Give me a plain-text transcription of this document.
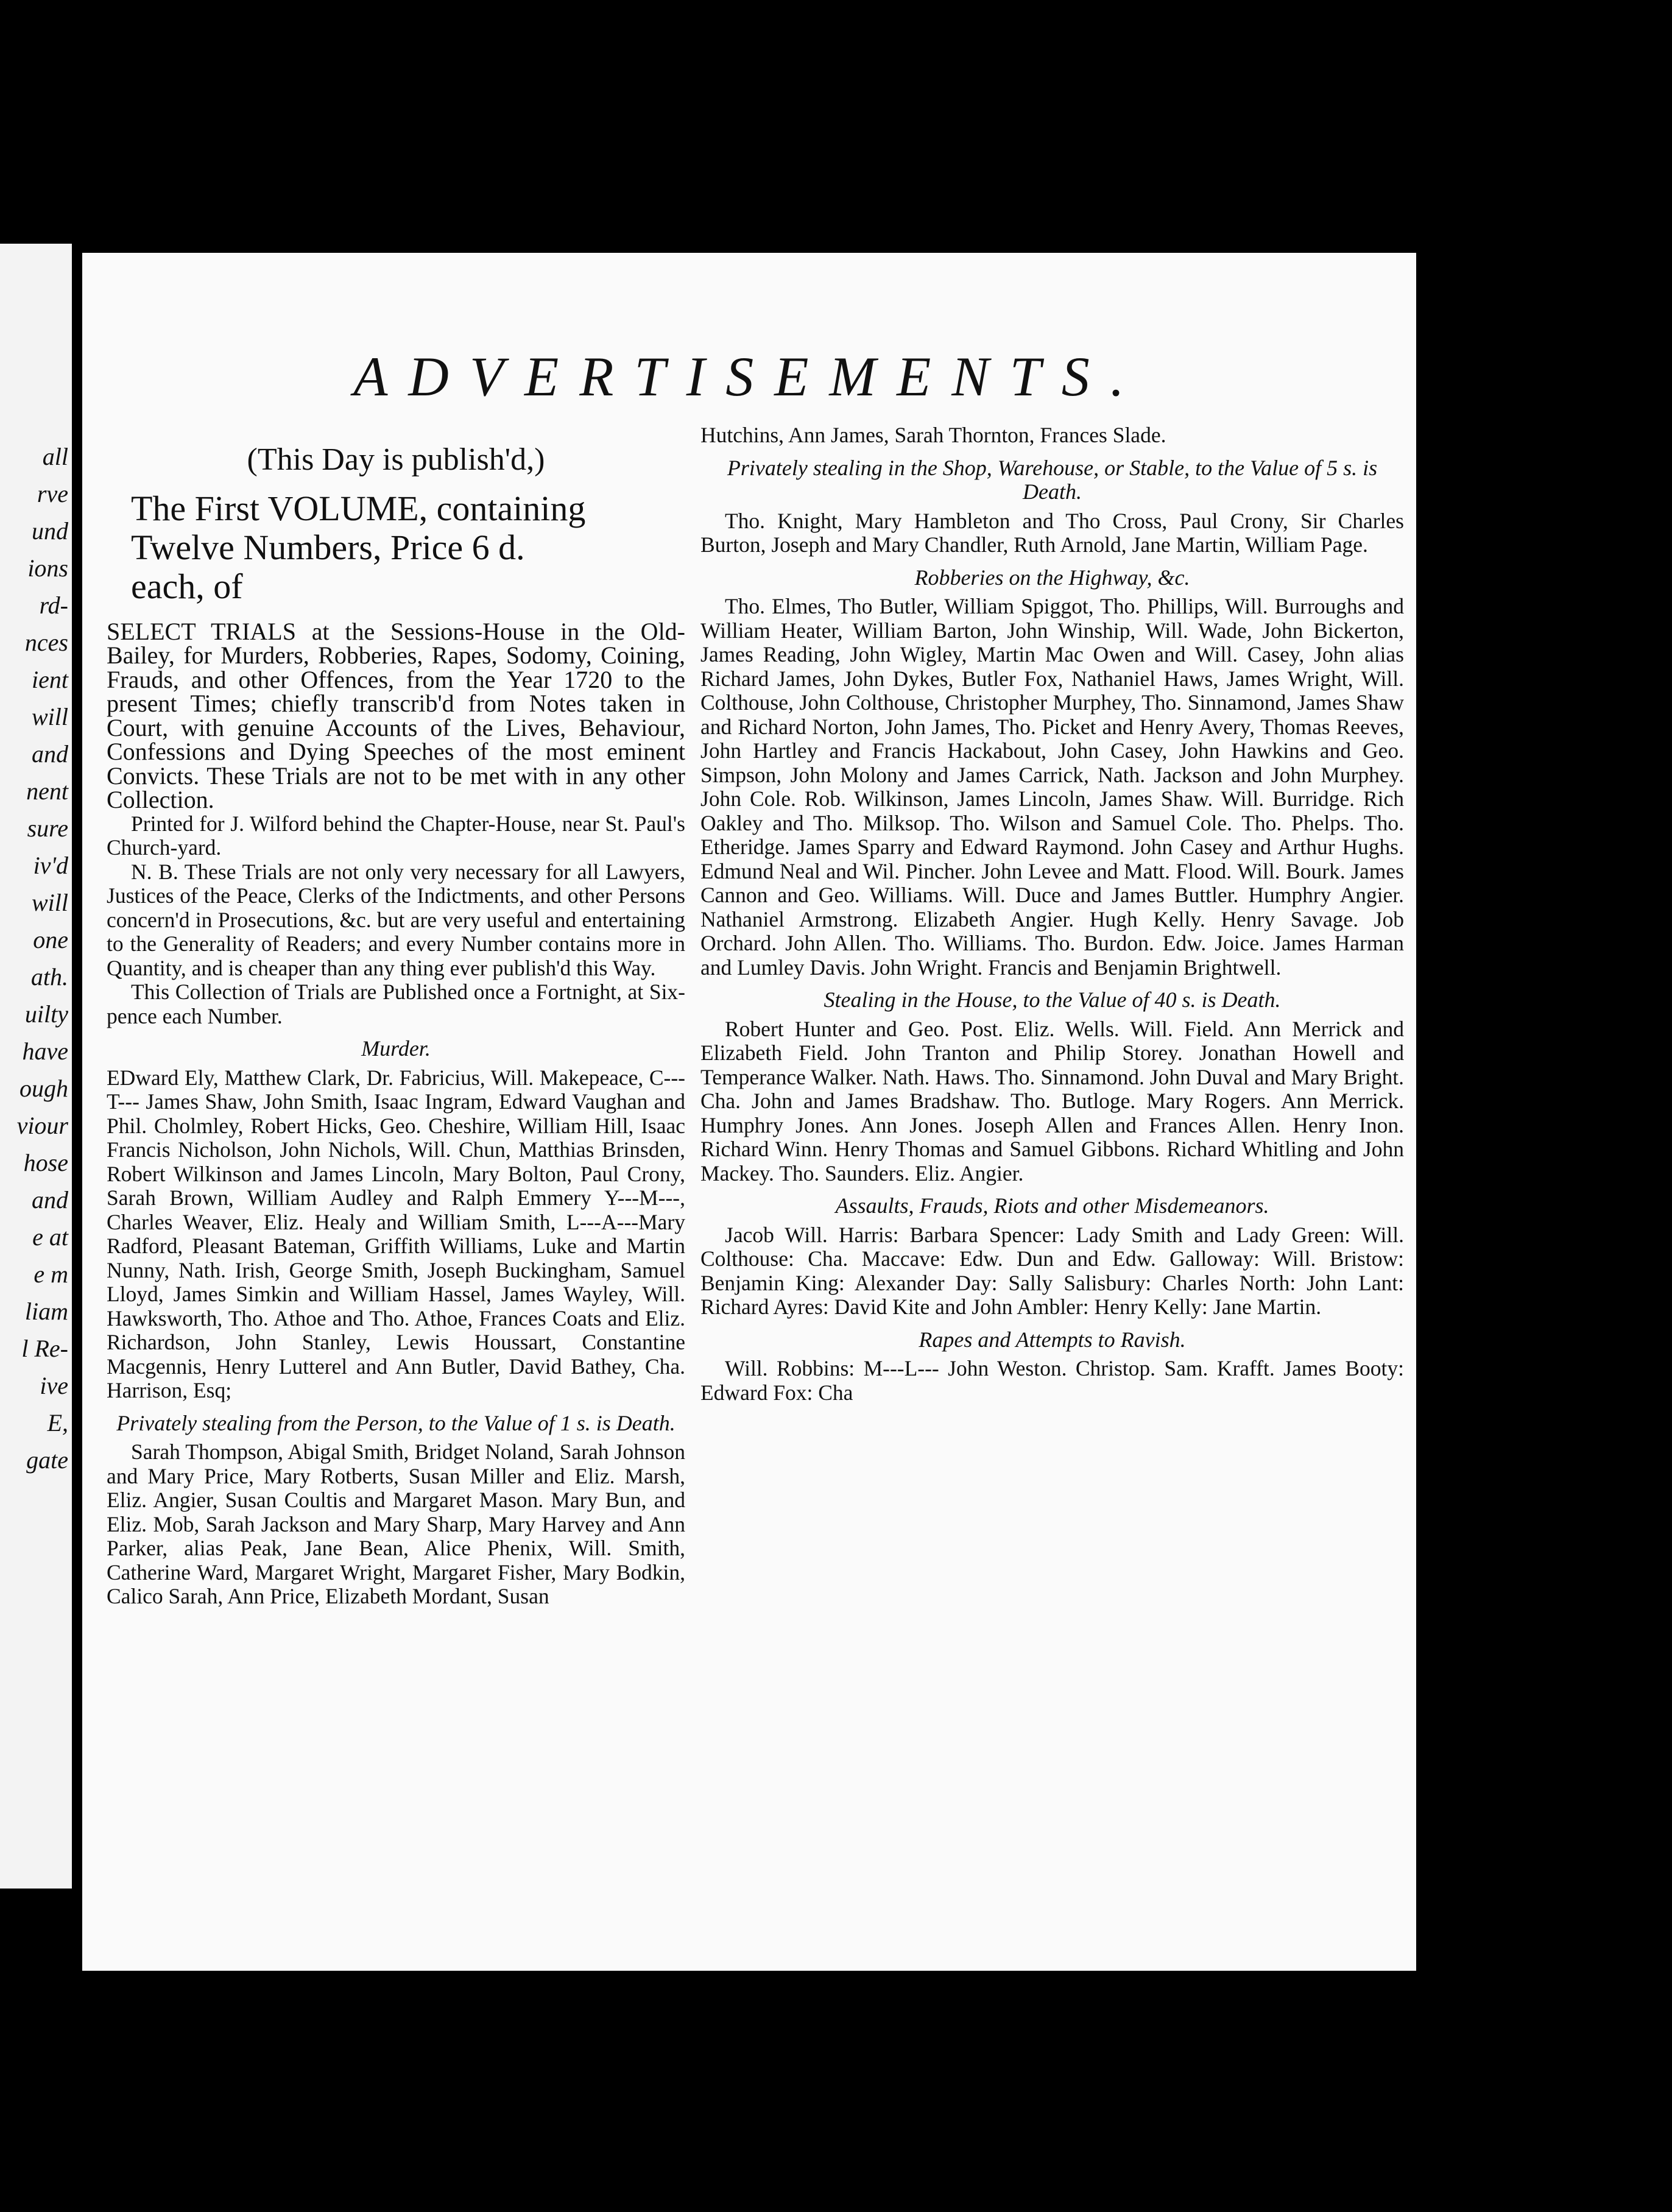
all
rve
und
ions
rd-
nces
ient
will
and
nent
sure
iv'd
will
one
ath.
uilty
have
ough
viour
hose
and
e at
e m
liam
l Re-
ive
E,
gate
ADVERTISEMENTS.

(This Day is publish'd,)

The First VOLUME, containing
Twelve Numbers, Price 6 d.
each, of

SELECT TRIALS at the Sessions-House in the Old-Bailey, for Murders, Robberies, Rapes, Sodomy, Coining, Frauds, and other Offences, from the Year 1720 to the present Times; chiefly transcrib'd from Notes taken in Court, with genuine Accounts of the Lives, Behaviour, Confessions and Dying Speeches of the most eminent Convicts. These Trials are not to be met with in any other Collection.

Printed for J. Wilford behind the Chapter-House, near St. Paul's Church-yard.

N. B. These Trials are not only very necessary for all Lawyers, Justices of the Peace, Clerks of the Indictments, and other Persons concern'd in Prosecutions, &c. but are very useful and entertaining to the Generality of Readers; and every Number contains more in Quantity, and is cheaper than any thing ever publish'd this Way.

This Collection of Trials are Published once a Fortnight, at Six-pence each Number.

Murder.

EDward Ely, Matthew Clark, Dr. Fabricius, Will. Makepeace, C---T--- James Shaw, John Smith, Isaac Ingram, Edward Vaughan and Phil. Cholmley, Robert Hicks, Geo. Cheshire, William Hill, Isaac Francis Nicholson, John Nichols, Will. Chun, Matthias Brinsden, Robert Wilkinson and James Lincoln, Mary Bolton, Paul Crony, Sarah Brown, William Audley and Ralph Emmery Y---M---, Charles Weaver, Eliz. Healy and William Smith, L---A---Mary Radford, Pleasant Bateman, Griffith Williams, Luke and Martin Nunny, Nath. Irish, George Smith, Joseph Buckingham, Samuel Lloyd, James Simkin and William Hassel, James Wayley, Will. Hawksworth, Tho. Athoe and Tho. Athoe, Frances Coats and Eliz. Richardson, John Stanley, Lewis Houssart, Constantine Macgennis, Henry Lutterel and Ann Butler, David Bathey, Cha. Harrison, Esq;

Privately stealing from the Person, to the Value of 1 s. is Death.

Sarah Thompson, Abigal Smith, Bridget Noland, Sarah Johnson and Mary Price, Mary Rotberts, Susan Miller and Eliz. Marsh, Eliz. Angier, Susan Coultis and Margaret Mason. Mary Bun, and Eliz. Mob, Sarah Jackson and Mary Sharp, Mary Harvey and Ann Parker, alias Peak, Jane Bean, Alice Phenix, Will. Smith, Catherine Ward, Margaret Wright, Margaret Fisher, Mary Bodkin, Calico Sarah, Ann Price, Elizabeth Mordant, Susan

Hutchins, Ann James, Sarah Thornton, Frances Slade.

Privately stealing in the Shop, Warehouse, or Stable, to the Value of 5 s. is Death.

Tho. Knight, Mary Hambleton and Tho Cross, Paul Crony, Sir Charles Burton, Joseph and Mary Chandler, Ruth Arnold, Jane Martin, William Page.

Robberies on the Highway, &c.

Tho. Elmes, Tho Butler, William Spiggot, Tho. Phillips, Will. Burroughs and William Heater, William Barton, John Winship, Will. Wade, John Bickerton, James Reading, John Wigley, Martin Mac Owen and Will. Casey, John alias Richard James, John Dykes, Butler Fox, Nathaniel Haws, James Wright, Will. Colthouse, John Colthouse, Christopher Murphey, Tho. Sinnamond, James Shaw and Richard Norton, John James, Tho. Picket and Henry Avery, Thomas Reeves, John Hartley and Francis Hackabout, John Casey, John Hawkins and Geo. Simpson, John Molony and James Carrick, Nath. Jackson and John Murphey. John Cole. Rob. Wilkinson, James Lincoln, James Shaw. Will. Burridge. Rich Oakley and Tho. Milksop. Tho. Wilson and Samuel Cole. Tho. Phelps. Tho. Etheridge. James Sparry and Edward Raymond. John Casey and Arthur Hughs. Edmund Neal and Wil. Pincher. John Levee and Matt. Flood. Will. Bourk. James Cannon and Geo. Williams. Will. Duce and James Buttler. Humphry Angier. Nathaniel Armstrong. Elizabeth Angier. Hugh Kelly. Henry Savage. Job Orchard. John Allen. Tho. Williams. Tho. Burdon. Edw. Joice. James Harman and Lumley Davis. John Wright. Francis and Benjamin Brightwell.

Stealing in the House, to the Value of 40 s. is Death.

Robert Hunter and Geo. Post. Eliz. Wells. Will. Field. Ann Merrick and Elizabeth Field. John Tranton and Philip Storey. Jonathan Howell and Temperance Walker. Nath. Haws. Tho. Sinnamond. John Duval and Mary Bright. Cha. John and James Bradshaw. Tho. Butloge. Mary Rogers. Ann Merrick. Humphry Jones. Ann Jones. Joseph Allen and Frances Allen. Henry Inon. Richard Winn. Henry Thomas and Samuel Gibbons. Richard Whitling and John Mackey. Tho. Saunders. Eliz. Angier.

Assaults, Frauds, Riots and other Misdemeanors.

Jacob Will. Harris: Barbara Spencer: Lady Smith and Lady Green: Will. Colthouse: Cha. Maccave: Edw. Dun and Edw. Galloway: Will. Bristow: Benjamin King: Alexander Day: Sally Salisbury: Charles North: John Lant: Richard Ayres: David Kite and John Ambler: Henry Kelly: Jane Martin.

Rapes and Attempts to Ravish.

Will. Robbins: M---L--- John Weston. Christop. Sam. Krafft. James Booty: Edward Fox: Cha
